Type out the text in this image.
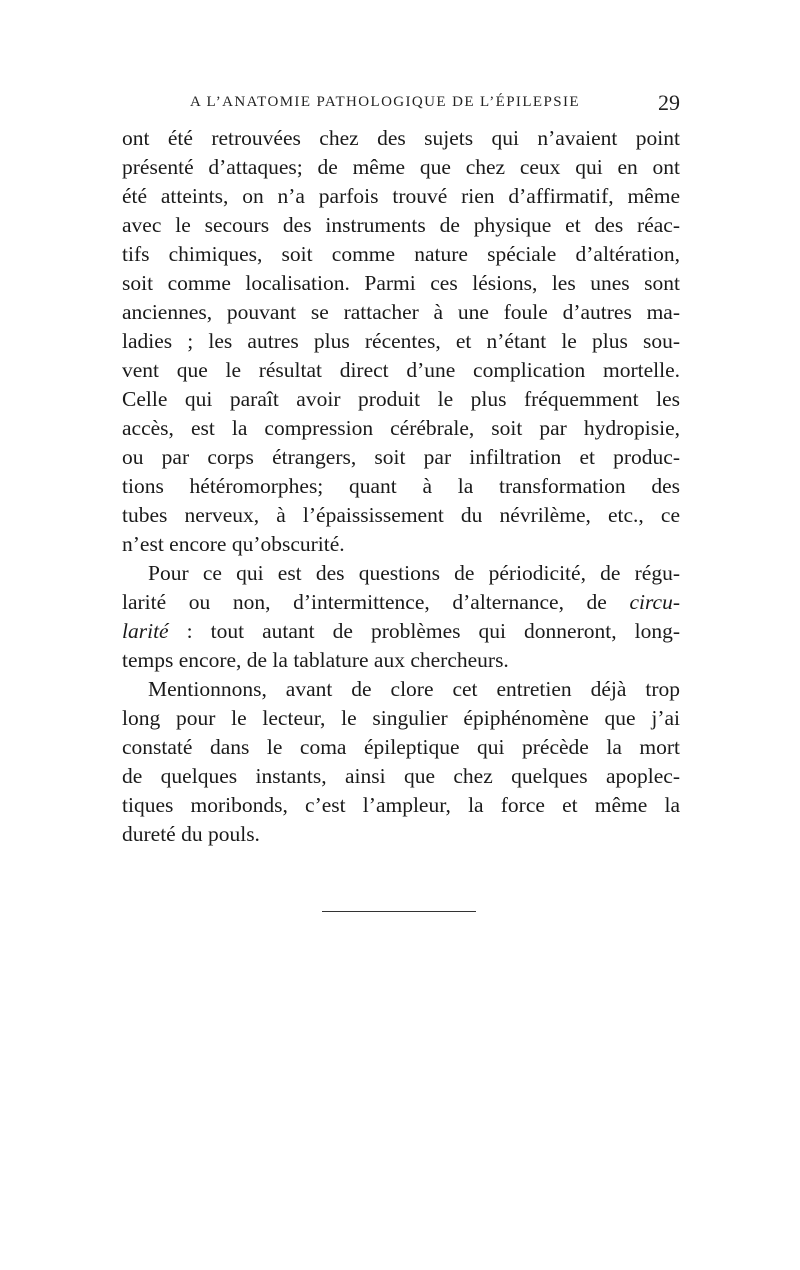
A L’ANATOMIE PATHOLOGIQUE DE L’ÉPILEPSIE	29
ont été retrouvées chez des sujets qui n’avaient point
présenté d’attaques; de même que chez ceux qui en ont
été atteints, on n’a parfois trouvé rien d’affirmatif, même
avec le secours des instruments de physique et des réac-
tifs chimiques, soit comme nature spéciale d’altération,
soit comme localisation. Parmi ces lésions, les unes sont
anciennes, pouvant se rattacher à une foule d’autres ma-
ladies ; les autres plus récentes, et n’étant le plus sou-
vent que le résultat direct d’une complication mortelle.
Celle qui paraît avoir produit le plus fréquemment les
accès, est la compression cérébrale, soit par hydropisie,
ou par corps étrangers, soit par infiltration et produc-
tions hétéromorphes; quant à la transformation des
tubes nerveux, à l’épaississement du névrilème, etc., ce
n’est encore qu’obscurité.
Pour ce qui est des questions de périodicité, de régu-
larité ou non, d’intermittence, d’alternance, de circu-
larité : tout autant de problèmes qui donneront, long-
temps encore, de la tablature aux chercheurs.
Mentionnons, avant de clore cet entretien déjà trop
long pour le lecteur, le singulier épiphénomène que j’ai
constaté dans le coma épileptique qui précède la mort
de quelques instants, ainsi que chez quelques apoplec-
tiques moribonds, c’est l’ampleur, la force et même la
dureté du pouls.
